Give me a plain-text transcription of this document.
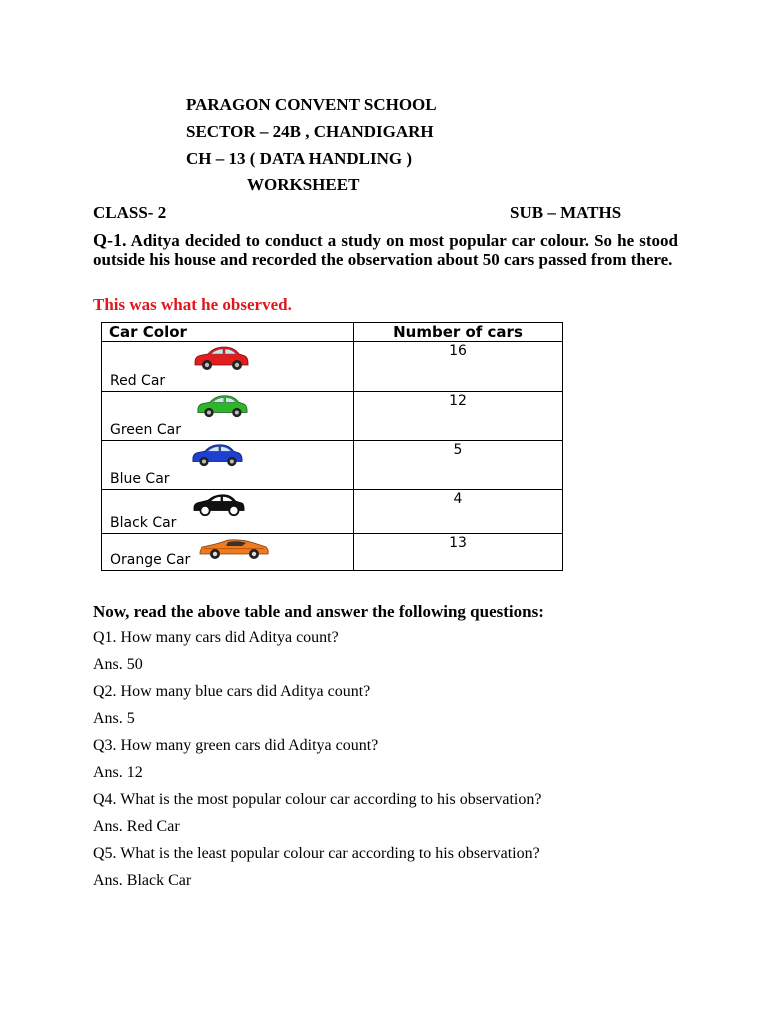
PARAGON CONVENT SCHOOL
SECTOR – 24B , CHANDIGARH
CH – 13 ( DATA HANDLING )
WORKSHEET
CLASS- 2	SUB – MATHS
Q-1. Aditya decided to conduct a study on most popular car colour. So he stood outside his house and recorded the observation about 50 cars passed from there.
This was what he observed.
Car Color	Number of cars

Red Car	16

Green Car	12

Blue Car	5

Black Car	4

Orange Car	13
Now, read the above table and answer the following questions:
Q1. How many cars did Aditya count?
Ans. 50
Q2. How many blue cars did Aditya count?
Ans. 5
Q3. How many green cars did Aditya count?
Ans. 12
Q4. What is the most popular colour car according to his observation?
Ans. Red Car
Q5. What is the least popular colour car according to his observation?
Ans. Black Car
